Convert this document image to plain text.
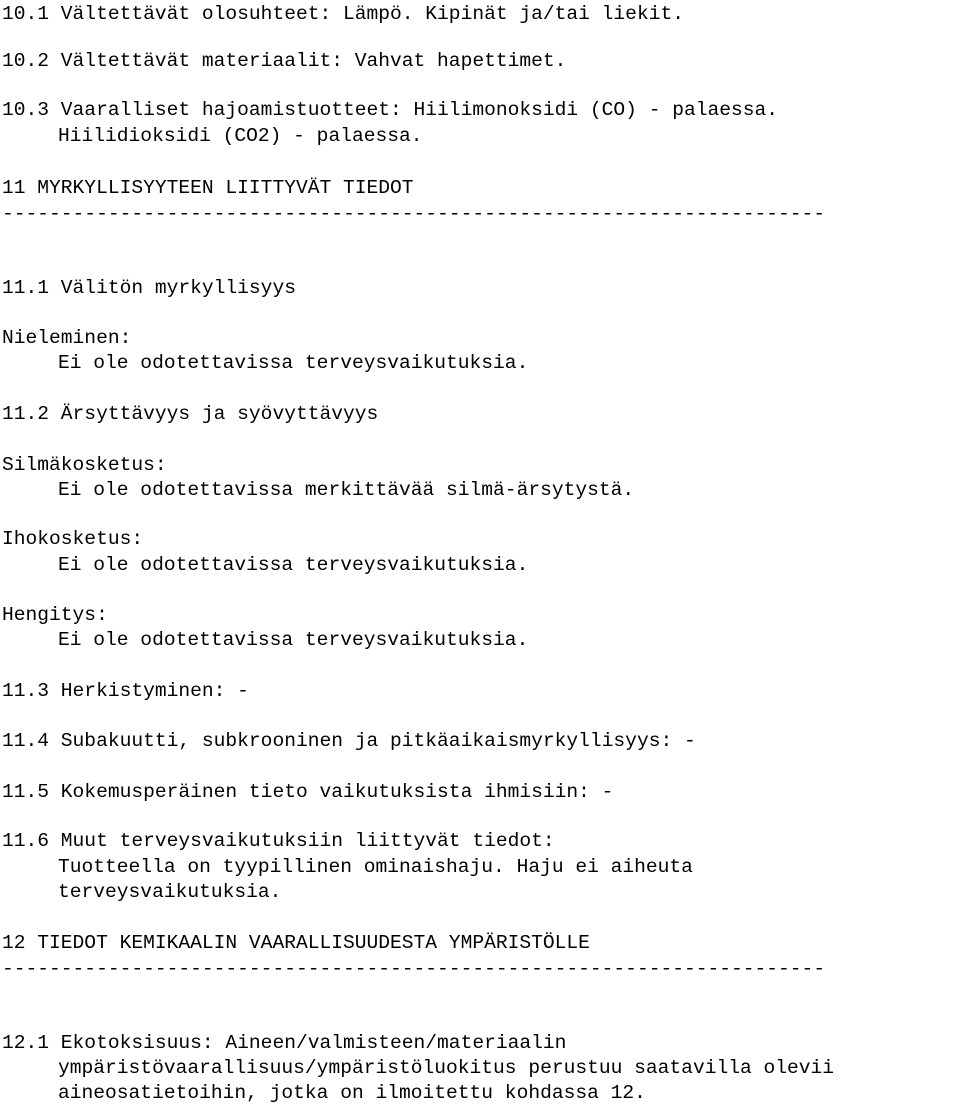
10.1 Vältettävät olosuhteet: Lämpö. Kipinät ja/tai liekit.
10.2 Vältettävät materiaalit: Vahvat hapettimet.
10.3 Vaaralliset hajoamistuotteet: Hiilimonoksidi (CO) - palaessa.
Hiilidioksidi (CO2) - palaessa.
11 MYRKYLLISYYTEEN LIITTYVÄT TIEDOT
----------------------------------------------------------------------
11.1 Välitön myrkyllisyys
Nieleminen:
Ei ole odotettavissa terveysvaikutuksia.
11.2 Ärsyttävyys ja syövyttävyys
Silmäkosketus:
Ei ole odotettavissa merkittävää silmä-ärsytystä.
Ihokosketus:
Ei ole odotettavissa terveysvaikutuksia.
Hengitys:
Ei ole odotettavissa terveysvaikutuksia.
11.3 Herkistyminen: -
11.4 Subakuutti, subkrooninen ja pitkäaikaismyrkyllisyys: -
11.5 Kokemusperäinen tieto vaikutuksista ihmisiin: -
11.6 Muut terveysvaikutuksiin liittyvät tiedot:
Tuotteella on tyypillinen ominaishaju. Haju ei aiheuta
terveysvaikutuksia.
12 TIEDOT KEMIKAALIN VAARALLISUUDESTA YMPÄRISTÖLLE
----------------------------------------------------------------------
12.1 Ekotoksisuus: Aineen/valmisteen/materiaalin
ympäristövaarallisuus/ympäristöluokitus perustuu saatavilla olevii
aineosatietoihin, jotka on ilmoitettu kohdassa 12.
